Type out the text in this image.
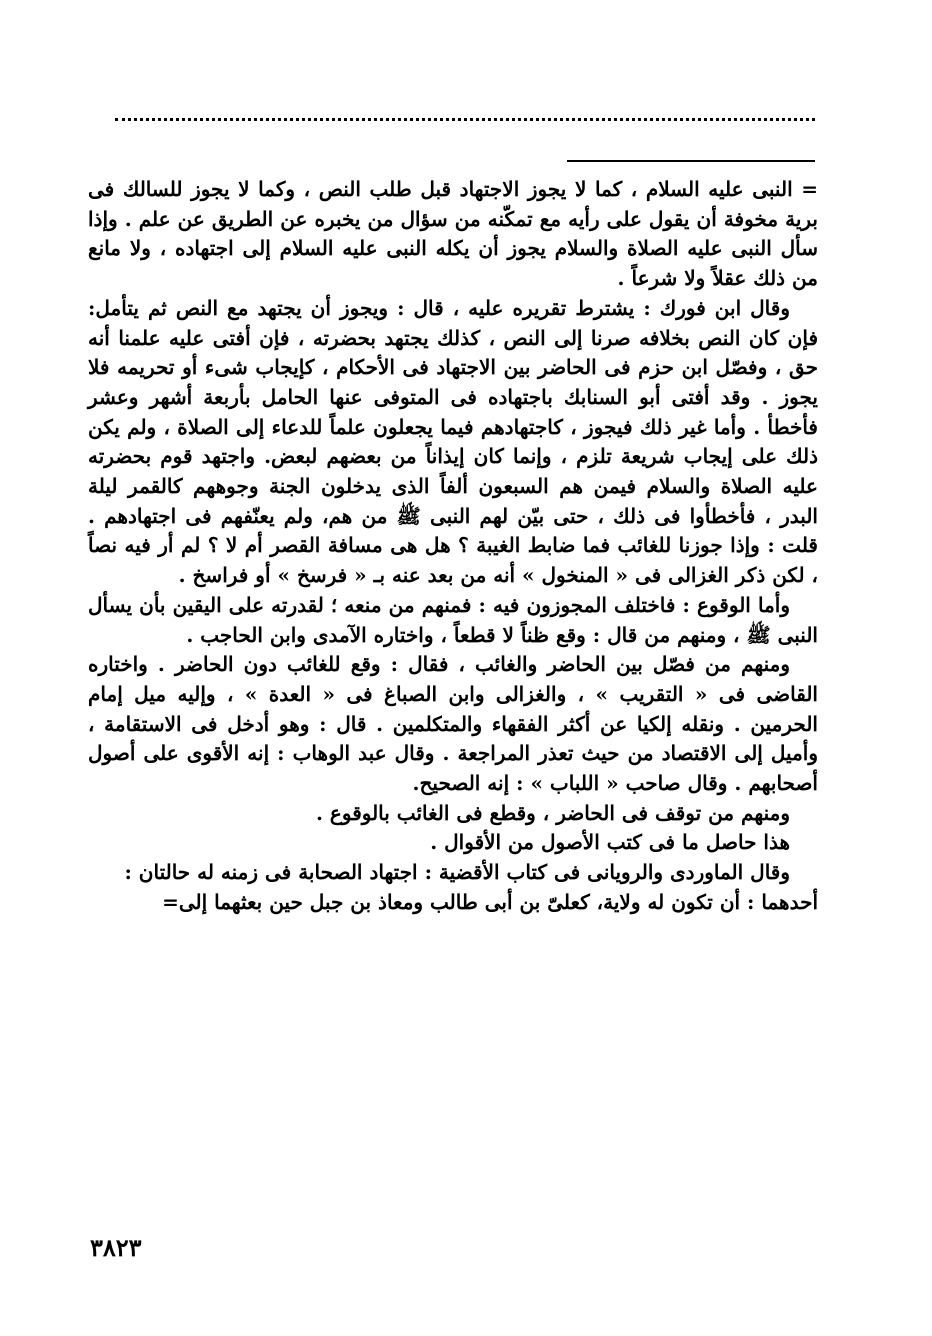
= النبى عليه السلام ، كما لا يجوز الاجتهاد قبل طلب النص ، وكما لا يجوز للسالك فى برية مخوفة أن يقول على رأيه مع تمكّنه من سؤال من يخبره عن الطريق عن علم . وإذا سأل النبى عليه الصلاة والسلام يجوز أن يكله النبى عليه السلام إلى اجتهاده ، ولا مانع من ذلك عقلاً ولا شرعاً .

وقال ابن فورك : يشترط تقريره عليه ، قال : ويجوز أن يجتهد مع النص ثم يتأمل: فإن كان النص بخلافه صرنا إلى النص ، كذلك يجتهد بحضرته ، فإن أفتى عليه علمنا أنه حق ، وفصّل ابن حزم فى الحاضر بين الاجتهاد فى الأحكام ، كإيجاب شىء أو تحريمه فلا يجوز . وقد أفتى أبو السنابك باجتهاده فى المتوفى عنها الحامل بأربعة أشهر وعشر فأخطأ . وأما غير ذلك فيجوز ، كاجتهادهم فيما يجعلون علماً للدعاء إلى الصلاة ، ولم يكن ذلك على إيجاب شريعة تلزم ، وإنما كان إيذاناً من بعضهم لبعض. واجتهد قوم بحضرته عليه الصلاة والسلام فيمن هم السبعون ألفاً الذى يدخلون الجنة وجوههم كالقمر ليلة البدر ، فأخطأوا فى ذلك ، حتى بيّن لهم النبى ﷺ من هم، ولم يعنّفهم فى اجتهادهم . قلت : وإذا جوزنا للغائب فما ضابط الغيبة ؟ هل هى مسافة القصر أم لا ؟ لم أر فيه نصاً ، لكن ذكر الغزالى فى « المنخول » أنه من بعد عنه بـ « فرسخ » أو فراسخ .

وأما الوقوع : فاختلف المجوزون فيه : فمنهم من منعه ؛ لقدرته على اليقين بأن يسأل النبى ﷺ ، ومنهم من قال : وقع ظناً لا قطعاً ، واختاره الآمدى وابن الحاجب .

ومنهم من فصّل بين الحاضر والغائب ، فقال : وقع للغائب دون الحاضر . واختاره القاضى فى « التقريب » ، والغزالى وابن الصباغ فى « العدة » ، وإليه ميل إمام الحرمين . ونقله إلكيا عن أكثر الفقهاء والمتكلمين . قال : وهو أدخل فى الاستقامة ، وأميل إلى الاقتصاد من حيث تعذر المراجعة . وقال عبد الوهاب : إنه الأقوى على أصول أصحابهم . وقال صاحب « اللباب » : إنه الصحيح.

ومنهم من توقف فى الحاضر ، وقطع فى الغائب بالوقوع .

هذا حاصل ما فى كتب الأصول من الأقوال .

وقال الماوردى والرويانى فى كتاب الأقضية : اجتهاد الصحابة فى زمنه له حالتان :

أحدهما : أن تكون له ولاية، كعلىّ بن أبى طالب ومعاذ بن جبل حين بعثهما إلى=

٣٨٢٣
